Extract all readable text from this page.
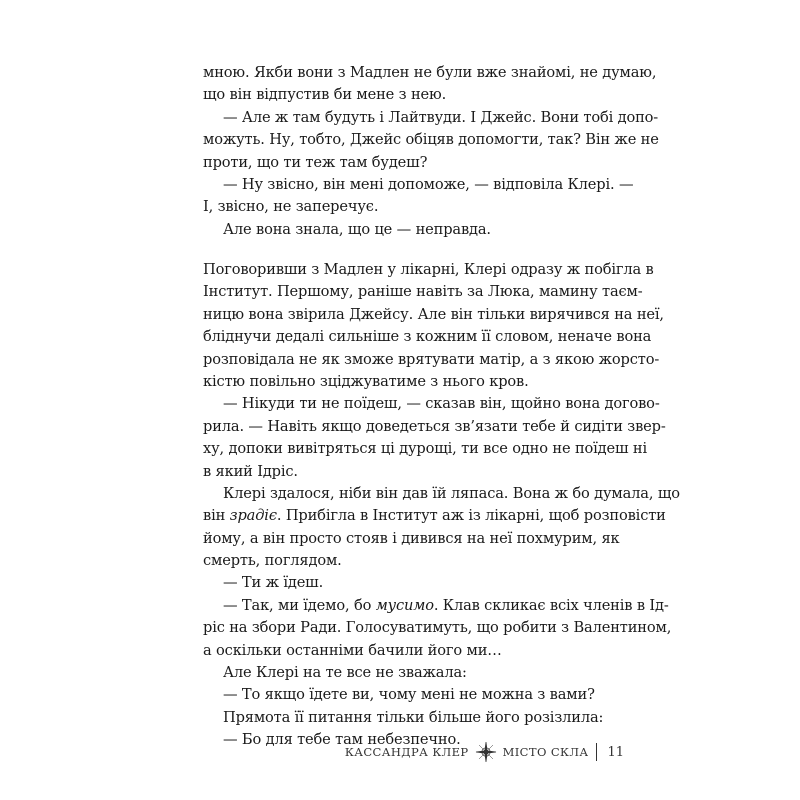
мною. Якби вони з Мадлен не були вже знайомі, не думаю,
що він відпустив би мене з нею.
— Але ж там будуть і Лайтвуди. І Джейс. Вони тобі допо-
можуть. Ну, тобто, Джейс обіцяв допомогти, так? Він же не
проти, що ти теж там будеш?
— Ну звісно, він мені допоможе, — відповіла Клері. —
І, звісно, не заперечує.
Але вона знала, що це — неправда.
Поговоривши з Мадлен у лікарні, Клері одразу ж побігла в
Інститут. Першому, раніше навіть за Люка, мамину таєм-
ницю вона звірила Джейсу. Але він тільки вирячився на неї,
бліднучи дедалі сильніше з кожним її словом, неначе вона
розповідала не як зможе врятувати матір, а з якою жорсто-
кістю повільно зціджуватиме з нього кров.
— Нікуди ти не поїдеш, — сказав він, щойно вона догово-
рила. — Навіть якщо доведеться зв’язати тебе й сидіти звер-
ху, допоки вивітряться ці дурощі, ти все одно не поїдеш ні
в який Ідріс.
Клері здалося, ніби він дав їй ляпаса. Вона ж бо думала, що
він зрадіє. Прибігла в Інститут аж із лікарні, щоб розповісти
йому, а він просто стояв і дивився на неї похмурим, як
смерть, поглядом.
— Ти ж їдеш.
— Так, ми їдемо, бо мусимо. Клав скликає всіх членів в Ід-
ріс на збори Ради. Голосуватимуть, що робити з Валентином,
а оскільки останніми бачили його ми…
Але Клері на те все не зважала:
— То якщо їдете ви, чому мені не можна з вами?
Прямота її питання тільки більше його розізлила:
— Бо для тебе там небезпечно.
КАССАНДРА КЛЕР	МІСТО СКЛА 11
